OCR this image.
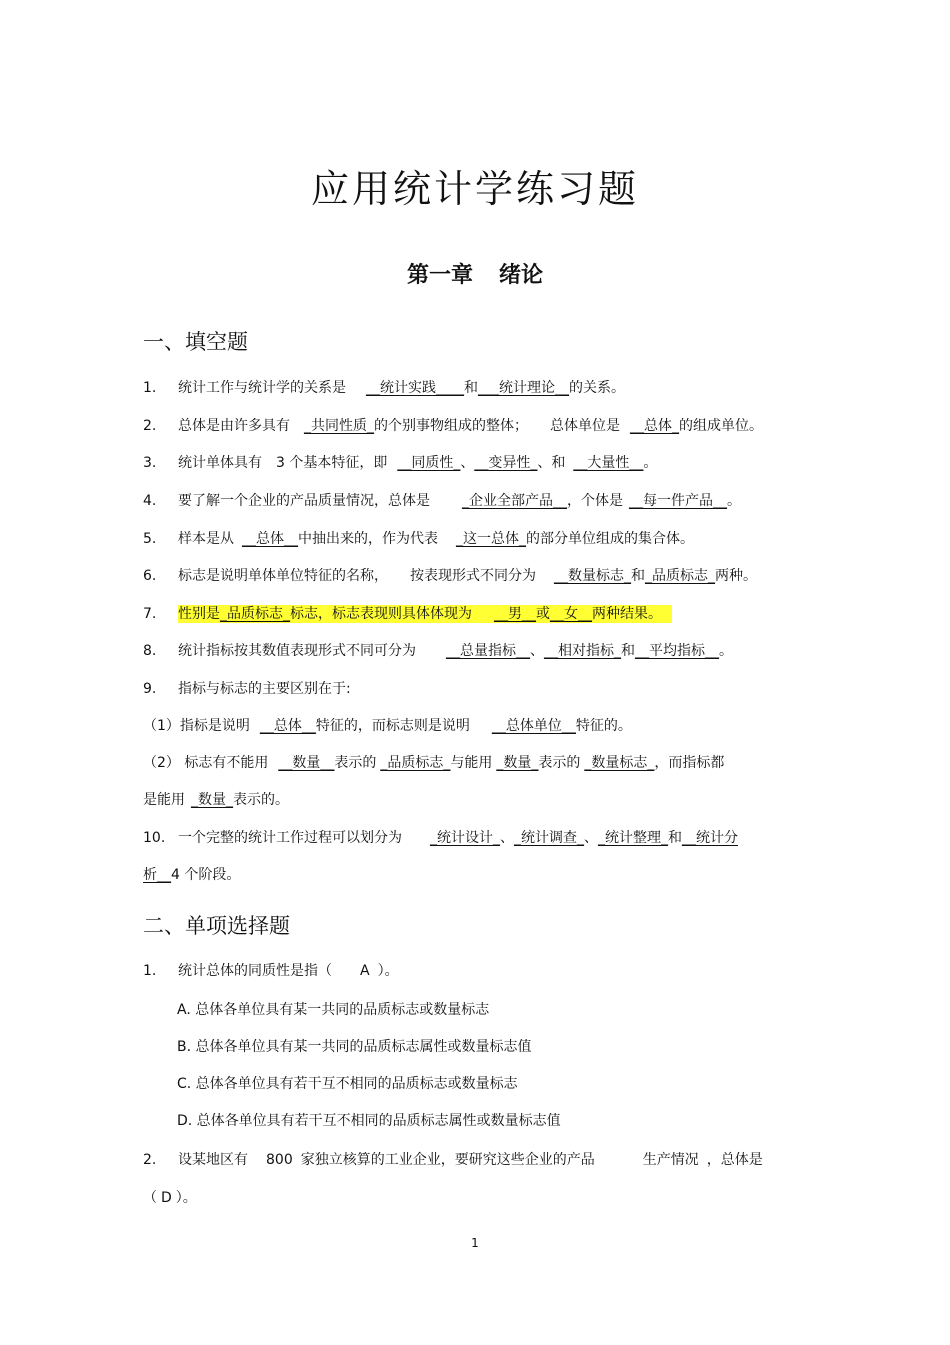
应用统计学练习题
第一章 绪论
一、填空题
1. 统计工作与统计学的关系是 __统计实践____和___统计理论__的关系。
2. 总体是由许多具有 _共同性质_的个别事物组成的整体； 总体单位是 __总体_的组成单位。
3. 统计单体具有 3 个基本特征，即 __同质性_、__变异性_、和 __大量性__。
4. 要了解一个企业的产品质量情况，总体是 _企业全部产品__，个体是 __每一件产品__。
5. 样本是从 __总体__中抽出来的，作为代表 _这一总体_的部分单位组成的集合体。
6. 标志是说明单体单位特征的名称， 按表现形式不同分为 __数量标志_和_品质标志_两种。
7. 性别是_品质标志_标志，标志表现则具体体现为 __男__或__女__两种结果。
8. 统计指标按其数值表现形式不同可分为 __总量指标__、__相对指标_和__平均指标__。
9. 指标与标志的主要区别在于:
（1）指标是说明 __总体__特征的，而标志则是说明 __总体单位__特征的。
（2） 标志有不能用 __数量__表示的 _品质标志_与能用 _数量_表示的 _数量标志_，而指标都
是能用 _数量_表示的。
10. 一个完整的统计工作过程可以划分为 _统计设计_、_统计调查_、_统计整理_和__统计分
析__4 个阶段。
二、单项选择题
1. 统计总体的同质性是指（ A ）。
A. 总体各单位具有某一共同的品质标志或数量标志
B. 总体各单位具有某一共同的品质标志属性或数量标志值
C. 总体各单位具有若干互不相同的品质标志或数量标志
D. 总体各单位具有若干互不相同的品质标志属性或数量标志值
2. 设某地区有 800 家独立核算的工业企业，要研究这些企业的产品	生产情况 ，总体是
（ D ）。
1
